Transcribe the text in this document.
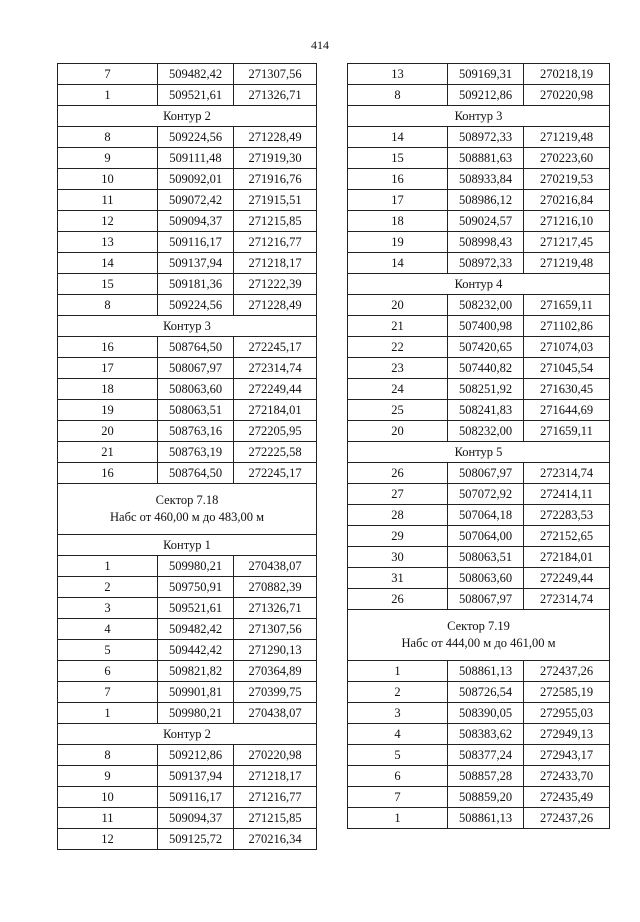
414
7	509482,42	271307,56
1	509521,61	271326,71
Контур 2		
8	509224,56	271228,49
9	509111,48	271919,30
10	509092,01	271916,76
11	509072,42	271915,51
12	509094,37	271215,85
13	509116,17	271216,77
14	509137,94	271218,17
15	509181,36	271222,39
8	509224,56	271228,49
Контур 3		
16	508764,50	272245,17
17	508067,97	272314,74
18	508063,60	272249,44
19	508063,51	272184,01
20	508763,16	272205,95
21	508763,19	272225,58
16	508764,50	272245,17

Сектор 7.18
Набс от 460,00 м до 483,00 м		

Контур 1		
1	509980,21	270438,07
2	509750,91	270882,39
3	509521,61	271326,71
4	509482,42	271307,56
5	509442,42	271290,13
6	509821,82	270364,89
7	509901,81	270399,75
1	509980,21	270438,07
Контур 2		
8	509212,86	270220,98
9	509137,94	271218,17
10	509116,17	271216,77
11	509094,37	271215,85
12	509125,72	270216,34
13	509169,31	270218,19
8	509212,86	270220,98
Контур 3		
14	508972,33	271219,48
15	508881,63	270223,60
16	508933,84	270219,53
17	508986,12	270216,84
18	509024,57	271216,10
19	508998,43	271217,45
14	508972,33	271219,48
Контур 4		
20	508232,00	271659,11
21	507400,98	271102,86
22	507420,65	271074,03
23	507440,82	271045,54
24	508251,92	271630,45
25	508241,83	271644,69
20	508232,00	271659,11
Контур 5		
26	508067,97	272314,74
27	507072,92	272414,11
28	507064,18	272283,53
29	507064,00	272152,65
30	508063,51	272184,01
31	508063,60	272249,44
26	508067,97	272314,74

Сектор 7.19
Набс от 444,00 м до 461,00 м		

1	508861,13	272437,26
2	508726,54	272585,19
3	508390,05	272955,03
4	508383,62	272949,13
5	508377,24	272943,17
6	508857,28	272433,70
7	508859,20	272435,49
1	508861,13	272437,26
